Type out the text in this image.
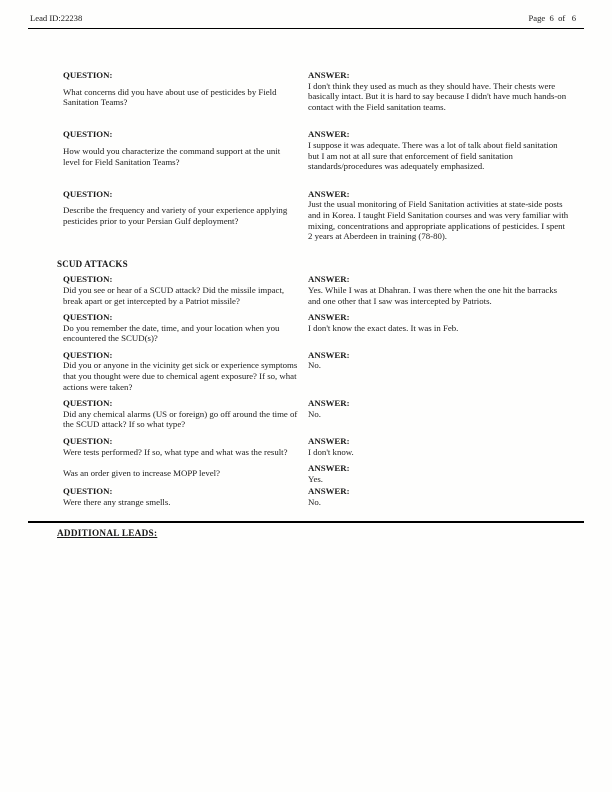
Lead ID:22238	Page  6  of   6
QUESTION:
What concerns did you have about use of pesticides by Field Sanitation Teams?
ANSWER:
I don't think they used as much as they should have. Their chests were basically intact. But it is hard to say because I didn't have much hands-on contact with the Field sanitation teams.
QUESTION:
How would you characterize the command support at the unit level for Field Sanitation Teams?
ANSWER:
I suppose it was adequate. There was a lot of talk about field sanitation but I am not at all sure that enforcement of field sanitation standards/procedures was adequately emphasized.
QUESTION:
Describe the frequency and variety of your experience applying pesticides prior to your Persian Gulf deployment?
ANSWER:
Just the usual monitoring of Field Sanitation activities at state-side posts and in Korea. I taught Field Sanitation courses and was very familiar with mixing, concentrations and appropriate applications of pesticides. I spent 2 years at Aberdeen in training (78-80).
SCUD ATTACKS
QUESTION:
Did you see or hear of a SCUD attack? Did the missile impact, break apart or get intercepted by a Patriot missile?
ANSWER:
Yes. While I was at Dhahran. I was there when the one hit the barracks and one other that I saw was intercepted by Patriots.
QUESTION:
Do you remember the date, time, and your location when you encountered the SCUD(s)?
ANSWER:
I don't know the exact dates. It was in Feb.
QUESTION:
Did you or anyone in the vicinity get sick or experience symptoms that you thought were due to chemical agent exposure? If so, what actions were taken?
ANSWER:
No.
QUESTION:
Did any chemical alarms (US or foreign) go off around the time of the SCUD attack? If so what type?
ANSWER:
No.
QUESTION:
Were tests performed? If so, what type and what was the result?
ANSWER:
I don't know.
Was an order given to increase MOPP level?	ANSWER:
Yes.
QUESTION:
Were there any strange smells.
ANSWER:
No.
ADDITIONAL LEADS:
